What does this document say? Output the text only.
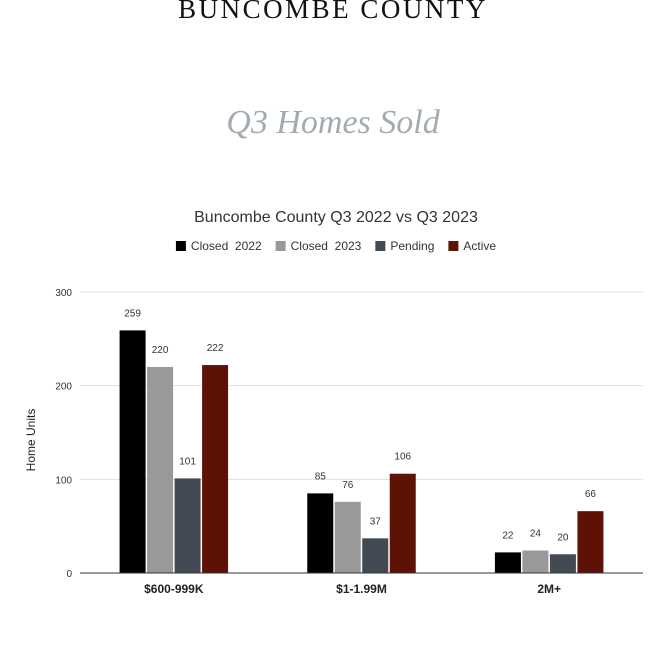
BUNCOMBE COUNTY
Q3 Homes Sold
Buncombe County Q3 2022 vs Q3 2023
Closed  2022 Closed  2023 Pending Active
0
100
200
300
Home Units
259
220
101
222
85
76
37
106
22 24 20
66
$600-999K	$1-1.99M	2M+
